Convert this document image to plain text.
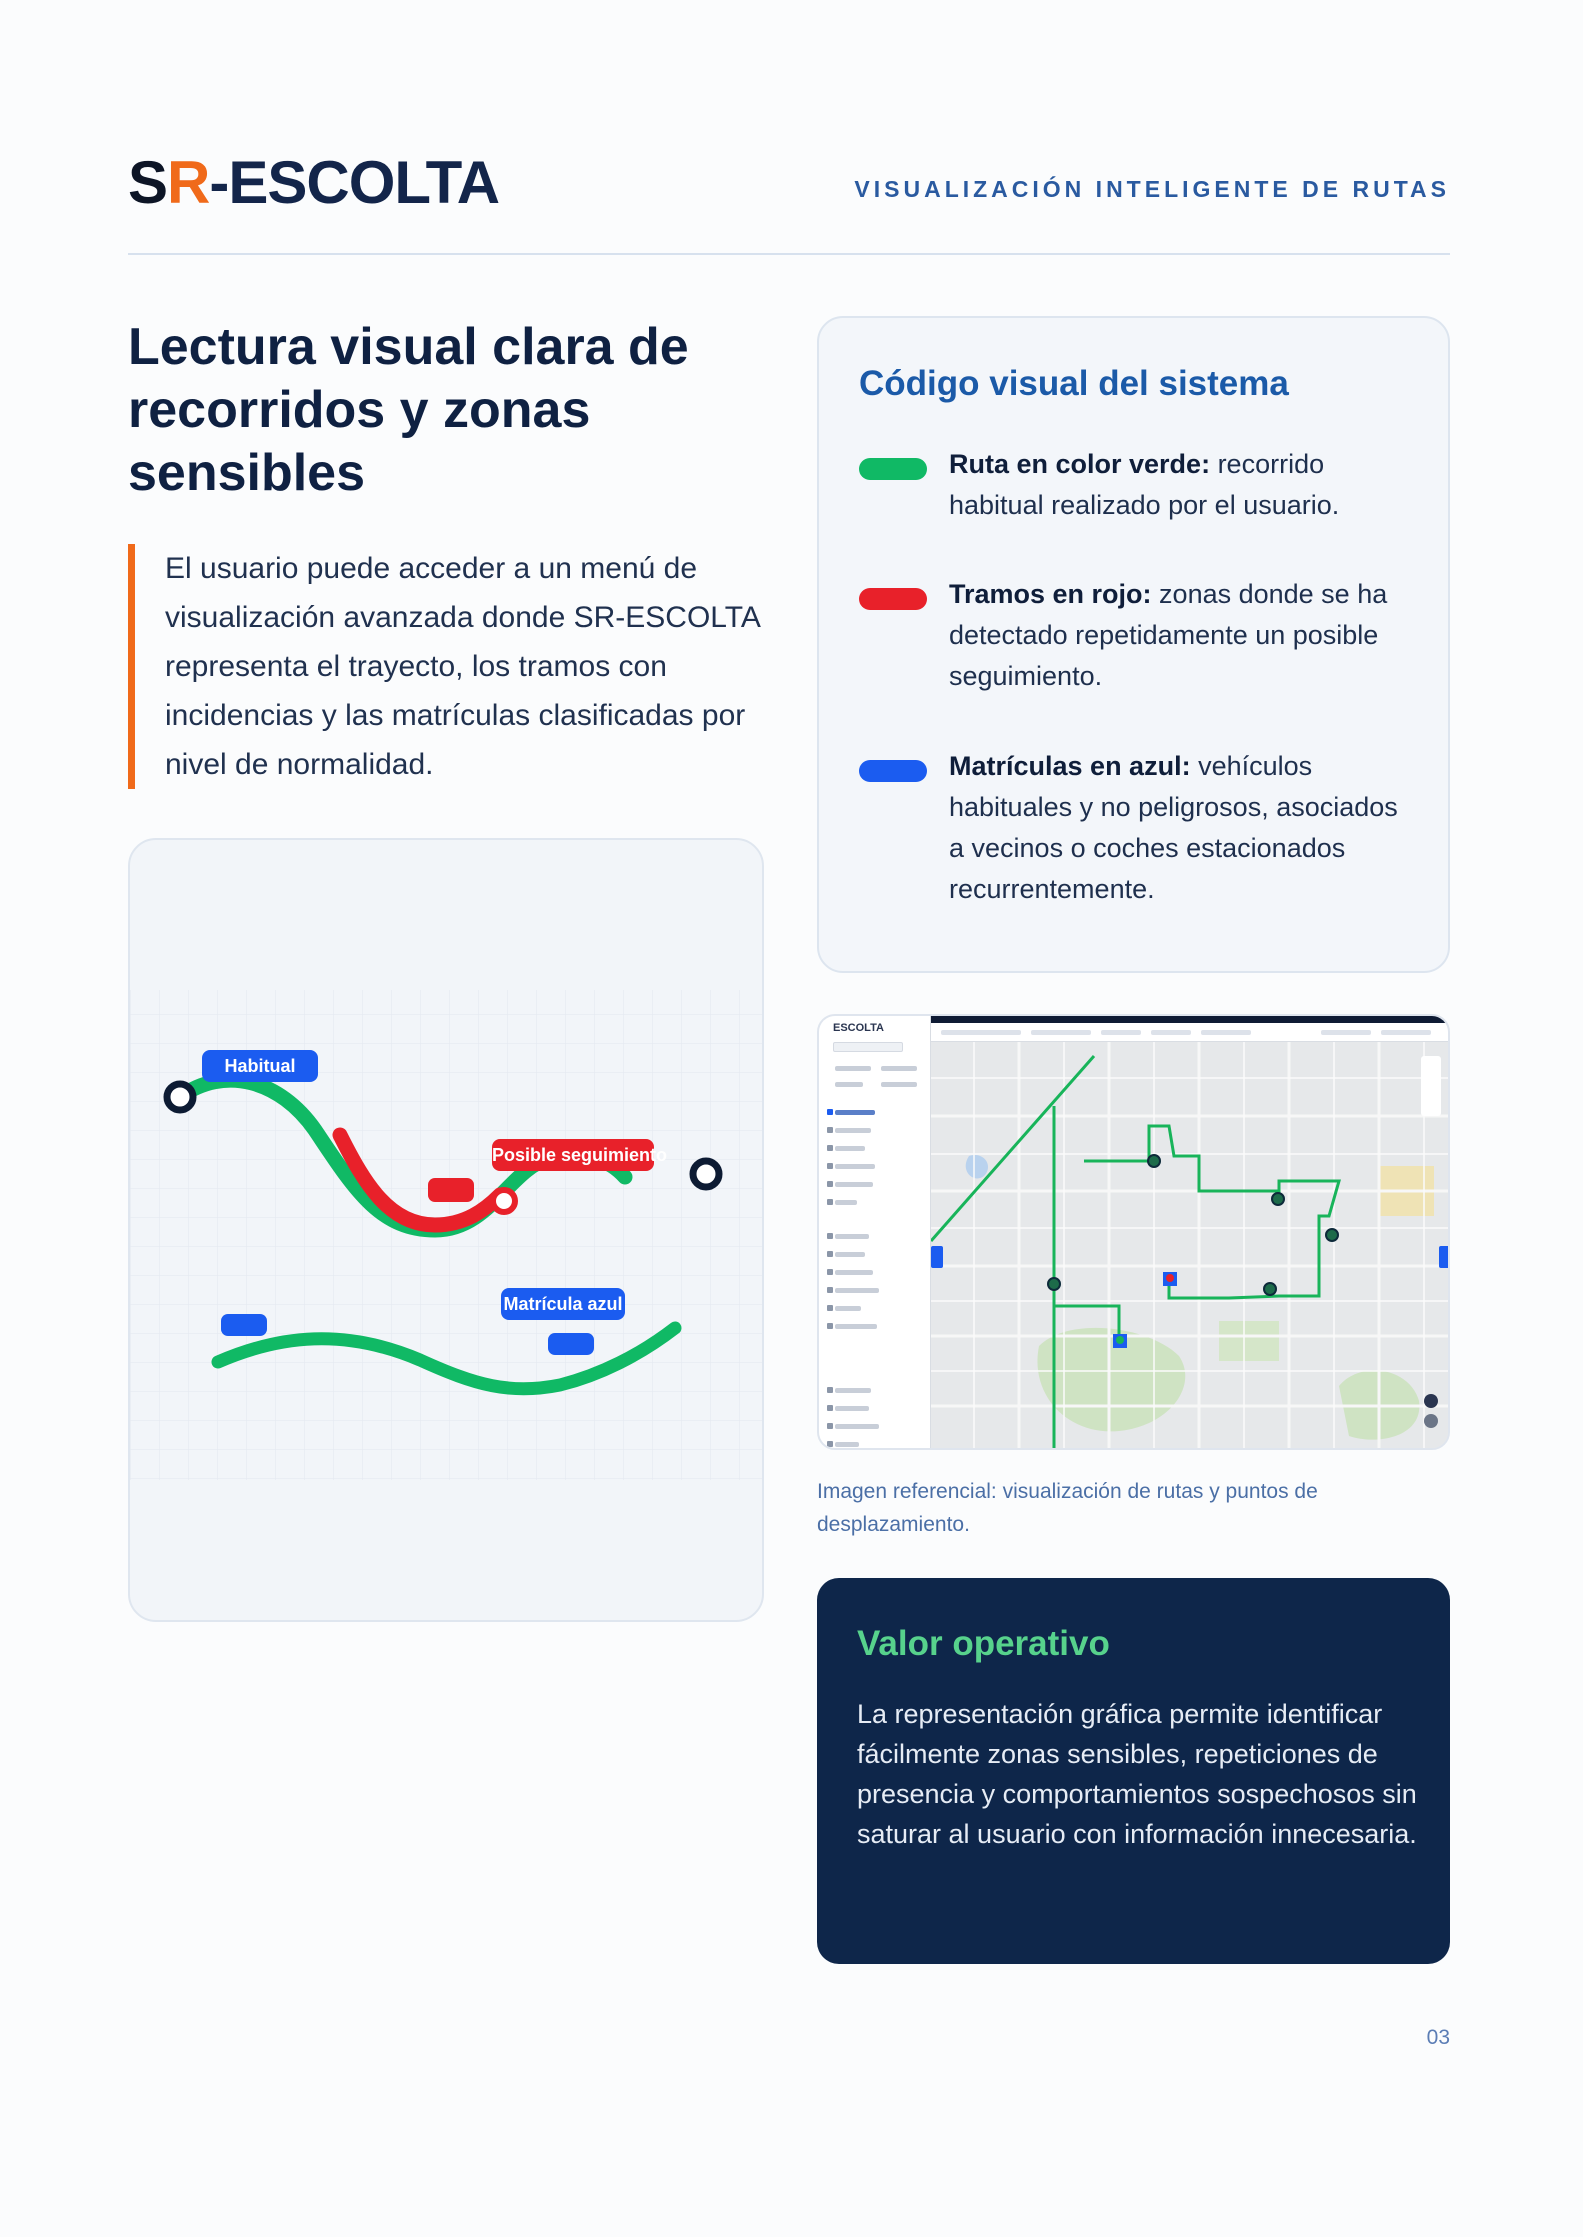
SR-ESCOLTA	VISUALIZACIÓN INTELIGENTE DE RUTAS
Lectura visual clara de recorridos y zonas sensibles

El usuario puede acceder a un menú de visualización avanzada donde SR-ESCOLTA representa el trayecto, los tramos con incidencias y las matrículas clasificadas por nivel de normalidad.

Habitual
Posible seguimiento
Matrícula azul
Código visual del sistema
Ruta en color verde: recorrido habitual realizado por el usuario.
Tramos en rojo: zonas donde se ha detectado repetidamente un posible seguimiento.
Matrículas en azul: vehículos habituales y no peligrosos, asociados a vecinos o coches estacionados recurrentemente.
ESCOLTA
Imagen referencial: visualización de rutas y puntos de desplazamiento.
Valor operativo
La representación gráfica permite identificar fácilmente zonas sensibles, repeticiones de presencia y comportamientos sospechosos sin saturar al usuario con información innecesaria.
03
